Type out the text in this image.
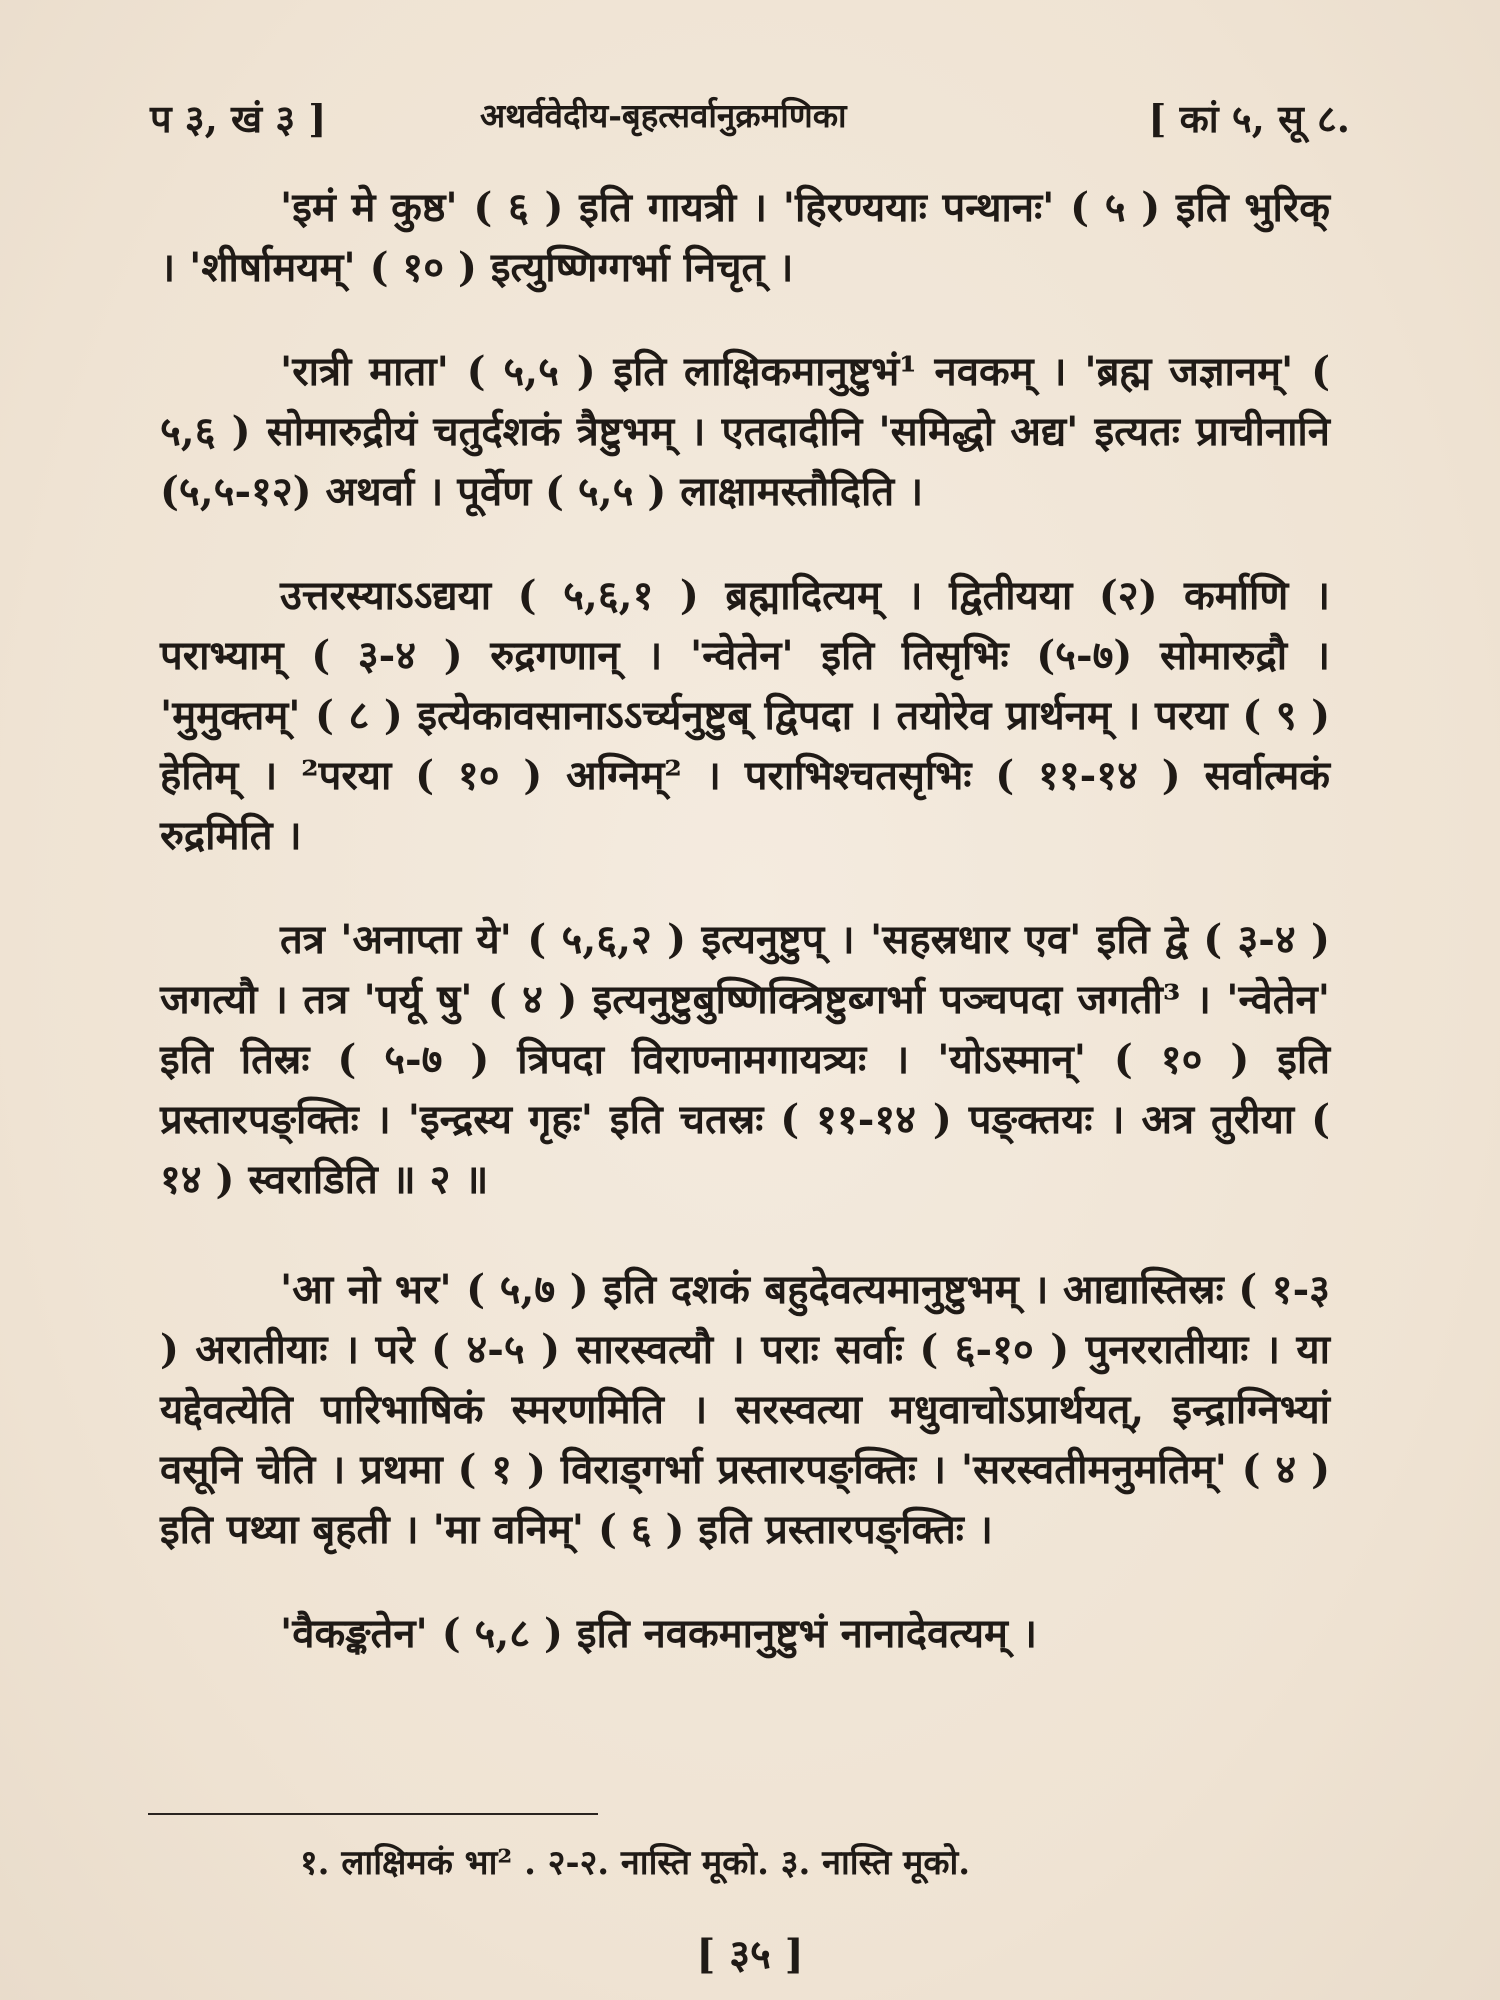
प ३, खं ३ ]	अथर्ववेदीय-बृहत्सर्वानुक्रमणिका	[ कां ५, सू ८.

'इमं मे कुष्ठ' ( ६ ) इति गायत्री । 'हिरण्ययाः पन्थानः' ( ५ ) इति भुरिक् । 'शीर्षामयम्' ( १० ) इत्युष्णिग्गर्भा निचृत् ।

'रात्री माता' ( ५,५ ) इति लाक्षिकमानुष्टुभं¹ नवकम् । 'ब्रह्म जज्ञानम्' ( ५,६ ) सोमारुद्रीयं चतुर्दशकं त्रैष्टुभम् । एतदादीनि 'समिद्धो अद्य' इत्यतः प्राचीनानि (५,५-१२) अथर्वा । पूर्वेण ( ५,५ ) लाक्षामस्तौदिति ।

उत्तरस्याऽऽद्यया ( ५,६,१ ) ब्रह्मादित्यम् । द्वितीयया (२) कर्माणि । पराभ्याम् ( ३-४ ) रुद्रगणान् । 'न्वेतेन' इति तिसृभिः (५-७) सोमारुद्रौ । 'मुमुक्तम्' ( ८ ) इत्येकावसानाऽऽर्च्यनुष्टुब् द्विपदा । तयोरेव प्रार्थनम् । परया ( ९ ) हेतिम् । ²परया ( १० ) अग्निम्² । पराभिश्चतसृभिः ( ११-१४ ) सर्वात्मकं रुद्रमिति ।

तत्र 'अनाप्ता ये' ( ५,६,२ ) इत्यनुष्टुप् । 'सहस्रधार एव' इति द्वे ( ३-४ ) जगत्यौ । तत्र 'पर्यू षु' ( ४ ) इत्यनुष्टुबुष्णिक्त्रिष्टुब्गर्भा पञ्चपदा जगती³ । 'न्वेतेन' इति तिस्रः ( ५-७ ) त्रिपदा विराण्नामगायत्र्यः । 'योऽस्मान्' ( १० ) इति प्रस्तारपङ्क्तिः । 'इन्द्रस्य गृहः' इति चतस्रः ( ११-१४ ) पङ्क्तयः । अत्र तुरीया ( १४ ) स्वराडिति ॥ २ ॥

'आ नो भर' ( ५,७ ) इति दशकं बहुदेवत्यमानुष्टुभम् । आद्यास्तिस्रः ( १-३ ) अरातीयाः । परे ( ४-५ ) सारस्वत्यौ । पराः सर्वाः ( ६-१० ) पुनररातीयाः । या यद्देवत्येति पारिभाषिकं स्मरणमिति । सरस्वत्या मधुवाचोऽप्रार्थयत्, इन्द्राग्निभ्यां वसूनि चेति । प्रथमा ( १ ) विराड्गर्भा प्रस्तारपङ्क्तिः । 'सरस्वतीमनुमतिम्' ( ४ ) इति पथ्या बृहती । 'मा वनिम्' ( ६ ) इति प्रस्तारपङ्क्तिः ।

'वैकङ्कतेन' ( ५,८ ) इति नवकमानुष्टुभं नानादेवत्यम् ।

१. लाक्षिमकं भा² . २-२. नास्ति मूको. ३. नास्ति मूको.
[ ३५ ]
